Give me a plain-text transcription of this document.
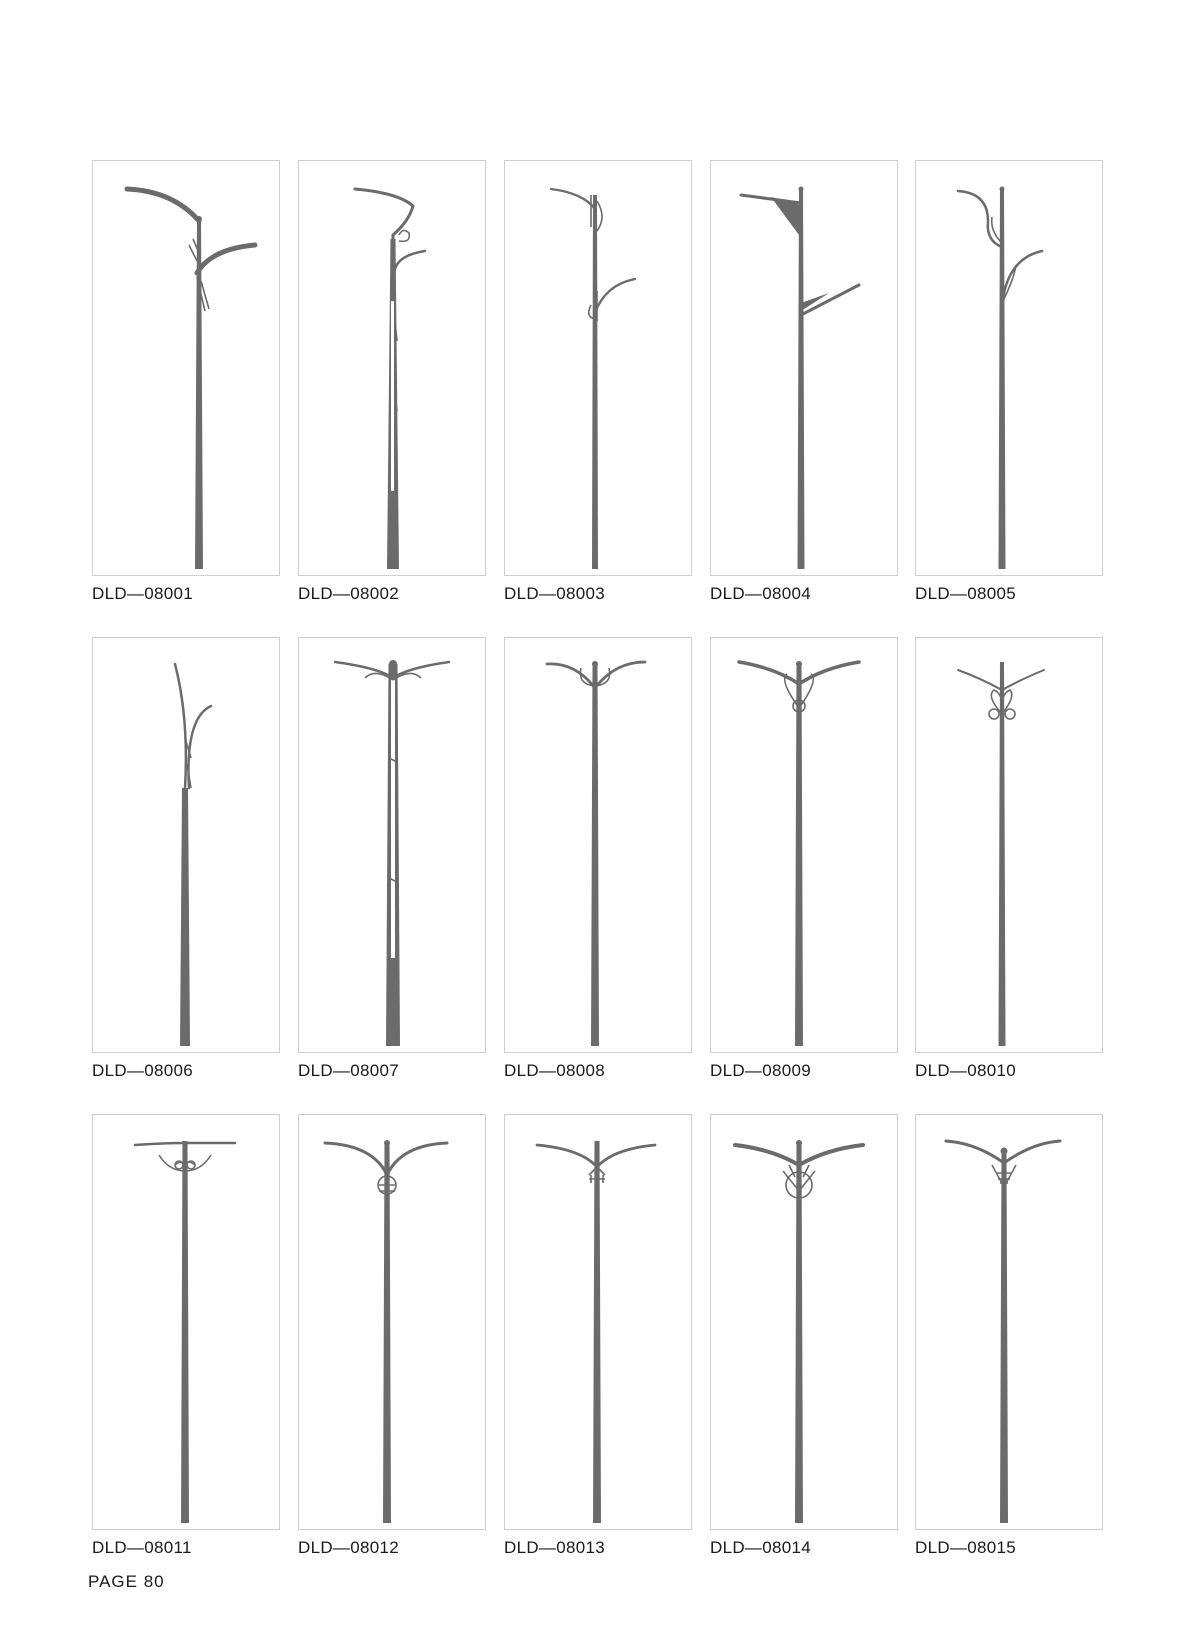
DLD—08001	DLD—08002	DLD—08003	DLD—08004	DLD—08005
DLD—08006	DLD—08007	DLD—08008	DLD—08009	DLD—08010
DLD—08011	DLD—08012	DLD—08013	DLD—08014	DLD—08015
PAGE 80
